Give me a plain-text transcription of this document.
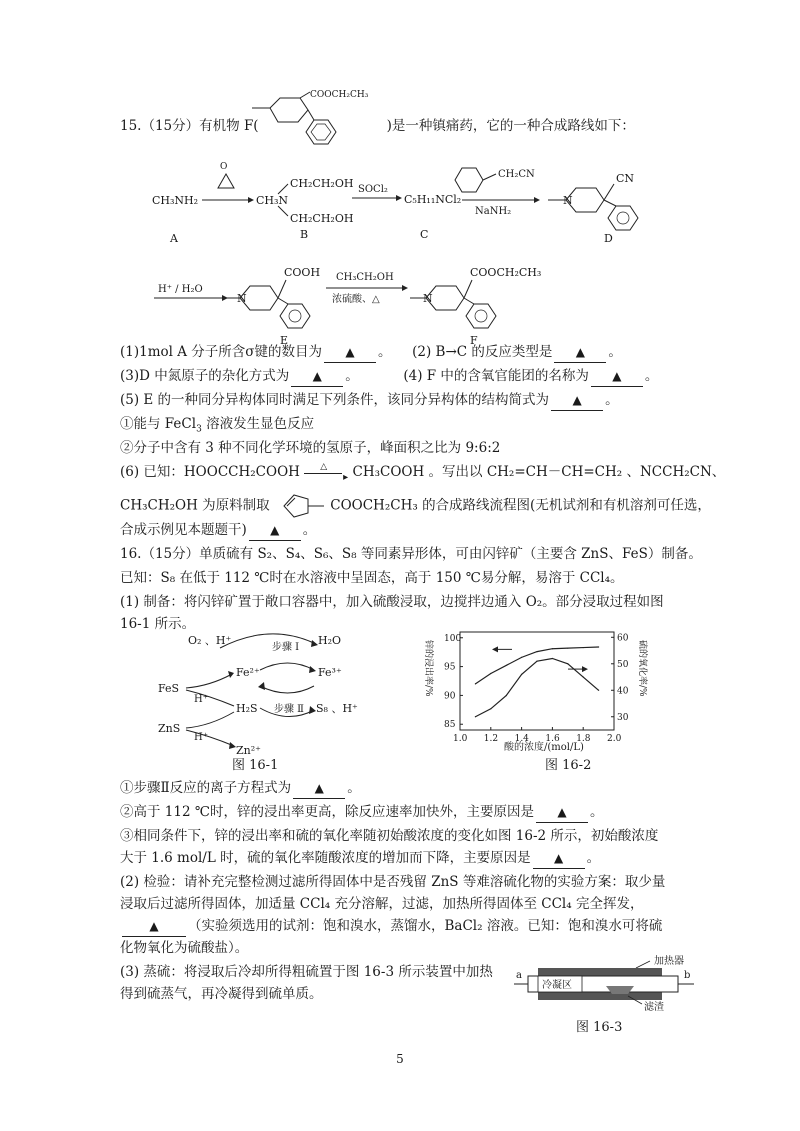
15.（15分）有机物 F(	)是一种镇痛药，它的一种合成路线如下：
COOCH₂CH₃
CH₃NH₂
O
CH₃N
CH₂CH₂OH
CH₂CH₂OH
SOCl₂
C₅H₁₁NCl₂
CH₂CN
NaNH₂
N
CN
A	B	C	D
H⁺ / H₂O
N
COOH CH₃CH₂OH
浓硫酸、△	N
COOCH₂CH₃
E	F
(1)1mol A 分子所含σ键的数目为 ▲ 。  (2) B→C 的反应类型是 ▲ 。
(3)D 中氮原子的杂化方式为 ▲ 。	(4) F 中的含氧官能团的名称为 ▲ 。
(5) E 的一种同分异构体同时满足下列条件，该同分异构体的结构简式为 ▲ 。
①能与 FeCl$_3$ 溶液发生显色反应
②分子中含有 3 种不同化学环境的氢原子，峰面积之比为 9:6:2
(6) 已知：HOOCCH₂COOH	▸
△ CH₃COOH 。写出以 CH₂=CH－CH=CH₂ 、NCCH₂CN、
CH₃CH₂OH 为原料制取	COOCH₂CH₃ 的合成路线流程图(无机试剂和有机溶剂可任选，
合成示例见本题题干) ▲ 。
16.（15分）单质硫有 S₂、S₄、S₆、S₈ 等同素异形体，可由闪锌矿（主要含 ZnS、FeS）制备。
已知：S₈ 在低于 112 ℃时在水溶液中呈固态，高于 150 ℃易分解，易溶于 CCl₄。
(1) 制备：将闪锌矿置于敞口容器中，加入硫酸浸取，边搅拌边通入 O₂。部分浸取过程如图
16-1 所示。
O₂ 、H⁺	H₂O
步骤 Ⅰ
Fe²⁺	Fe³⁺
FeS
H⁺
H₂S 步骤 Ⅱ S₈ 、H⁺
ZnS
H⁺
Zn²⁺
图 16-1
锌的浸出率/%	硫的氧化率/%
酸的浓度/(mol/L)
1.0 1.2 1.4 1.6 1.8 2.0
85
90
95
100
30
40
50
60
图 16-2
①步骤Ⅱ反应的离子方程式为 ▲ 。
②高于 112 ℃时，锌的浸出率更高，除反应速率加快外，主要原因是 ▲ 。
③相同条件下，锌的浸出率和硫的氧化率随初始酸浓度的变化如图 16-2 所示，初始酸浓度
大于 1.6 mol/L 时，硫的氧化率随酸浓度的增加而下降，主要原因是 ▲ 。
(2) 检验：请补充完整检测过滤所得固体中是否残留 ZnS 等难溶硫化物的实验方案：取少量
浸取后过滤所得固体，加适量 CCl₄ 充分溶解，过滤，加热所得固体至 CCl₄ 完全挥发，
▲ （实验须选用的试剂：饱和溴水，蒸馏水，BaCl₂ 溶液。已知：饱和溴水可将硫
化物氧化为硫酸盐）。
(3) 蒸硫：将浸取后冷却所得粗硫置于图 16-3 所示装置中加热
得到硫蒸气，再冷凝得到硫单质。
加热器
冷凝区
a	b
滤渣
图 16-3
5
